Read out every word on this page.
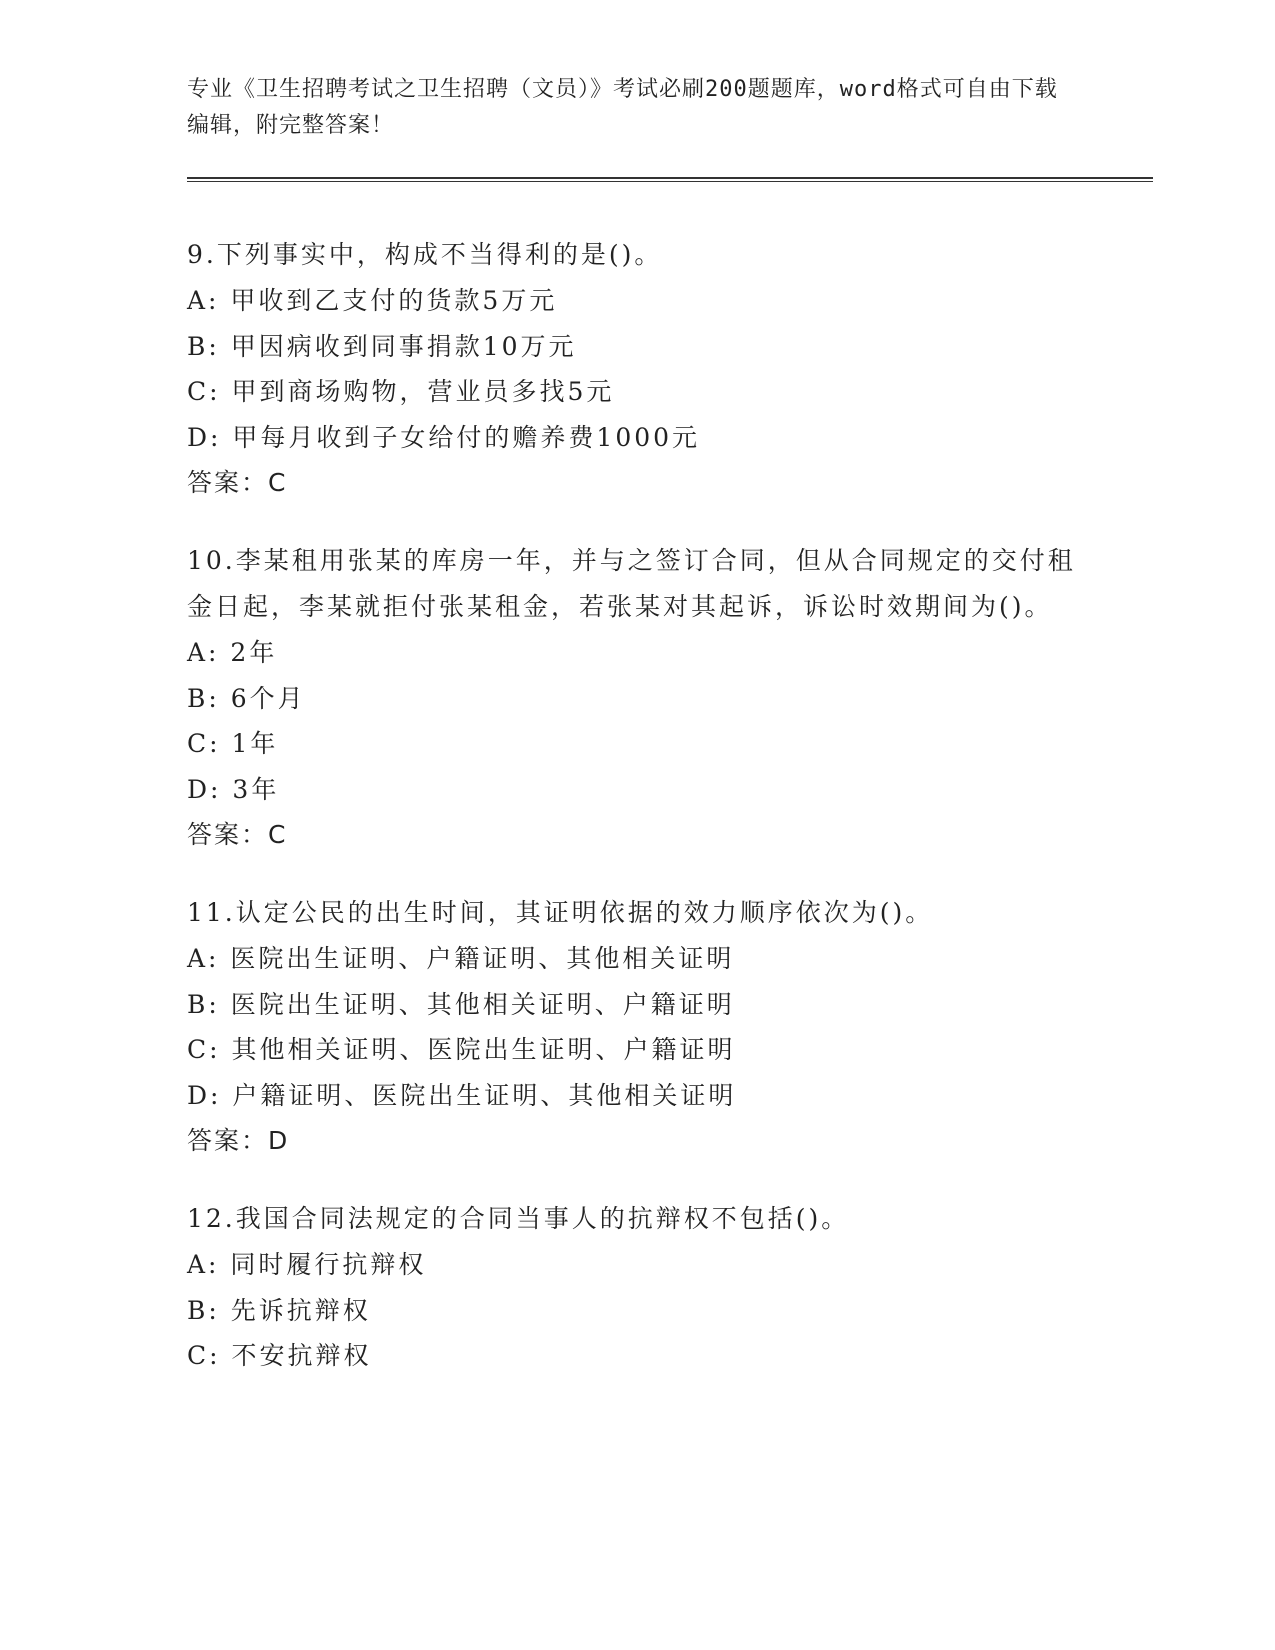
专业《卫生招聘考试之卫生招聘（文员）》考试必刷200题题库，word格式可自由下载编辑，附完整答案！
9.下列事实中，构成不当得利的是()。
A: 甲收到乙支付的货款5万元
B: 甲因病收到同事捐款10万元
C: 甲到商场购物，营业员多找5元
D: 甲每月收到子女给付的赡养费1000元
答案：C
10.李某租用张某的库房一年，并与之签订合同，但从合同规定的交付租金日起，李某就拒付张某租金，若张某对其起诉，诉讼时效期间为()。
A: 2年
B: 6个月
C: 1年
D: 3年
答案：C
11.认定公民的出生时间，其证明依据的效力顺序依次为()。
A: 医院出生证明、户籍证明、其他相关证明
B: 医院出生证明、其他相关证明、户籍证明
C: 其他相关证明、医院出生证明、户籍证明
D: 户籍证明、医院出生证明、其他相关证明
答案：D
12.我国合同法规定的合同当事人的抗辩权不包括()。
A: 同时履行抗辩权
B: 先诉抗辩权
C: 不安抗辩权
